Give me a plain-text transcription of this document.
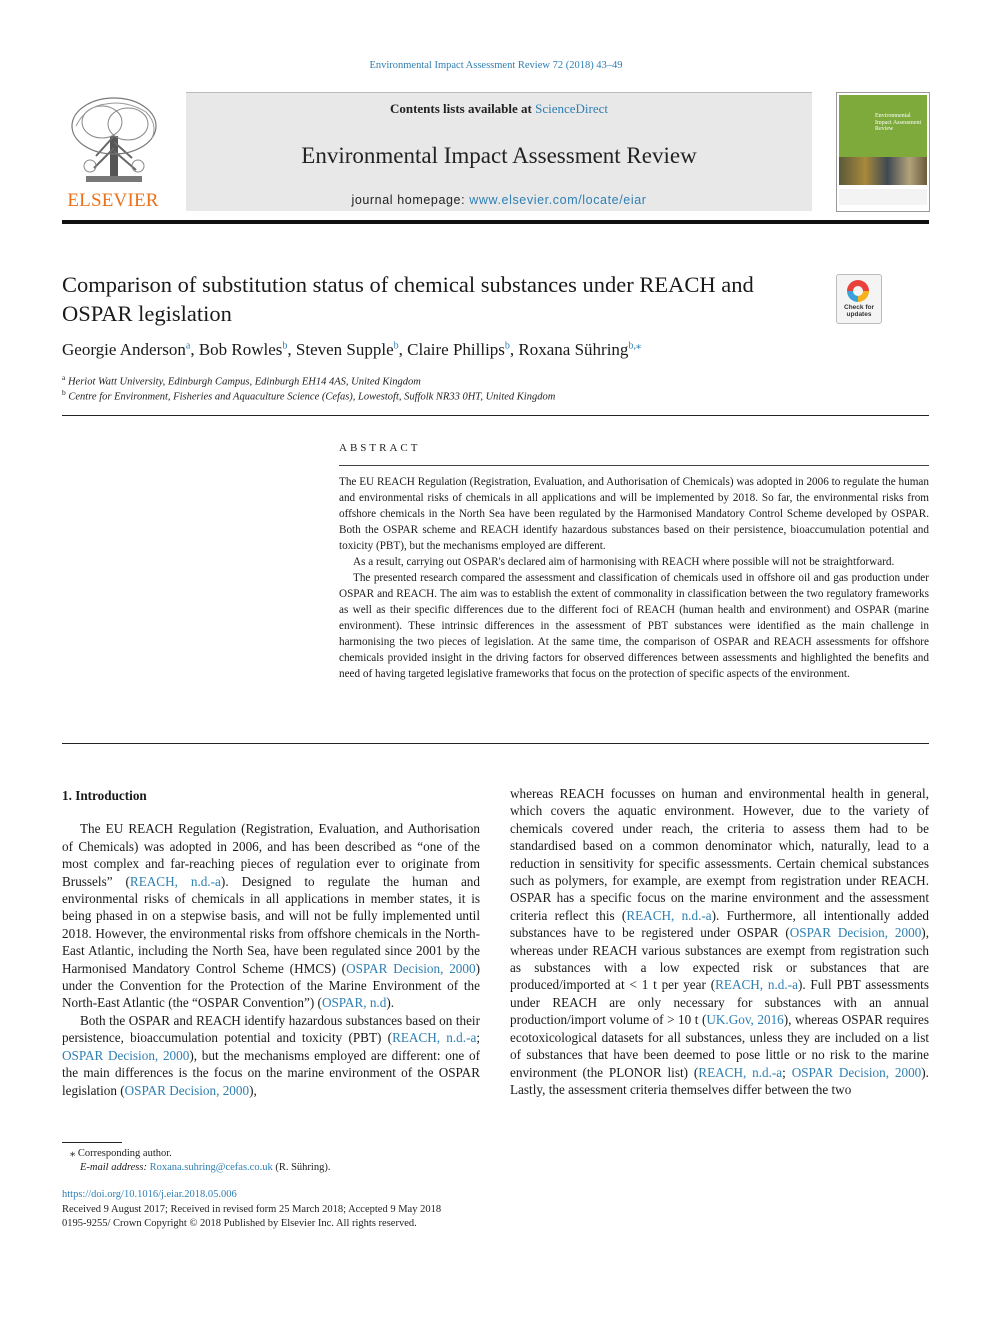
Environmental Impact Assessment Review 72 (2018) 43–49
ELSEVIER
Contents lists available at ScienceDirect
Environmental Impact Assessment Review
journal homepage: www.elsevier.com/locate/eiar
Environmental Impact Assessment Review
Comparison of substitution status of chemical substances under REACH and OSPAR legislation	Check for updates
Georgie Anderson$^a$, Bob Rowles$^b$, Steven Supple$^b$, Claire Phillips$^b$, Roxana Sühring$^{b,⁎}$
$^a$ Heriot Watt University, Edinburgh Campus, Edinburgh EH14 4AS, United Kingdom
$^b$ Centre for Environment, Fisheries and Aquaculture Science (Cefas), Lowestoft, Suffolk NR33 0HT, United Kingdom
ABSTRACT

The EU REACH Regulation (Registration, Evaluation, and Authorisation of Chemicals) was adopted in 2006 to regulate the human and environmental risks of chemicals in all applications and will be implemented by 2018. So far, the environmental risks from offshore chemicals in the North Sea have been regulated by the Harmonised Mandatory Control Scheme developed by OSPAR. Both the OSPAR scheme and REACH identify hazardous substances based on their persistence, bioaccumulation potential and toxicity (PBT), but the mechanisms employed are different.

As a result, carrying out OSPAR's declared aim of harmonising with REACH where possible will not be straightforward.

The presented research compared the assessment and classification of chemicals used in offshore oil and gas production under OSPAR and REACH. The aim was to establish the extent of commonality in classification between the two regulatory frameworks as well as their specific differences due to the different foci of REACH (human health and environment) and OSPAR (marine environment). These intrinsic differences in the assessment of PBT substances were identified as the main challenge in harmonising the two pieces of legislation. At the same time, the comparison of OSPAR and REACH assessments for offshore chemicals provided insight in the driving factors for observed differences between assessments and highlighted the benefits and need of having targeted legislative frameworks that focus on the protection of specific aspects of the environment.

1. Introduction

The EU REACH Regulation (Registration, Evaluation, and Authorisation of Chemicals) was adopted in 2006, and has been described as “one of the most complex and far-reaching pieces of regulation ever to originate from Brussels” (REACH, n.d.-a). Designed to regulate the human and environmental risks of chemicals in all applications in member states, it is being phased in on a stepwise basis, and will not be fully implemented until 2018. However, the environmental risks from offshore chemicals in the North- East Atlantic, including the North Sea, have been regulated since 2001 by the Harmonised Mandatory Control Scheme (HMCS) (OSPAR Decision, 2000) under the Convention for the Protection of the Marine Environment of the North-East Atlantic (the “OSPAR Convention”) (OSPAR, n.d).

Both the OSPAR and REACH identify hazardous substances based on their persistence, bioaccumulation potential and toxicity (PBT) (REACH, n.d.-a; OSPAR Decision, 2000), but the mechanisms employed are different: one of the main differences is the focus on the marine environment of the OSPAR legislation (OSPAR Decision, 2000),

whereas REACH focusses on human and environmental health in general, which covers the aquatic environment. However, due to the variety of chemicals covered under reach, the criteria to assess them had to be standardised based on a common denominator which, naturally, lead to a reduction in sensitivity for specific assessments. Certain chemical substances such as polymers, for example, are exempt from registration under REACH. OSPAR has a specific focus on the marine environment and the assessment criteria reflect this (REACH, n.d.-a). Furthermore, all intentionally added substances have to be registered under OSPAR (OSPAR Decision, 2000), whereas under REACH various substances are exempt from registration such as substances with a low expected risk or substances that are produced/imported at < 1 t per year (REACH, n.d.-a). Full PBT assessments under REACH are only necessary for substances with an annual production/import volume of > 10 t (UK.Gov, 2016), whereas OSPAR requires ecotoxicological datasets for all substances, unless they are included on a list of substances that have been deemed to pose little or no risk to the marine environment (the PLONOR list) (REACH, n.d.-a; OSPAR Decision, 2000). Lastly, the assessment criteria themselves differ between the two

⁎ Corresponding author.
E-mail address: Roxana.suhring@cefas.co.uk (R. Sühring).
https://doi.org/10.1016/j.eiar.2018.05.006
Received 9 August 2017; Received in revised form 25 March 2018; Accepted 9 May 2018
0195-9255/ Crown Copyright © 2018 Published by Elsevier Inc. All rights reserved.
